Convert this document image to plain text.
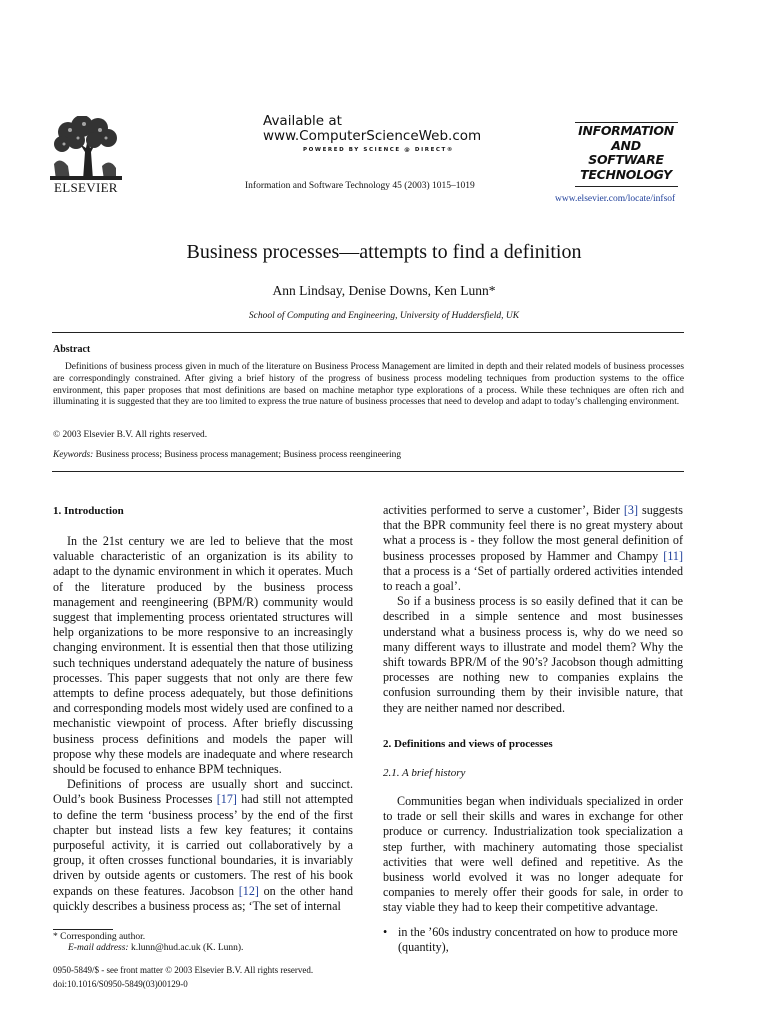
ELSEVIER
Available at
www.ComputerScienceWeb.com
POWERED BY SCIENCE @ DIRECT®
Information and Software Technology 45 (2003) 1015–1019
INFORMATION
AND
SOFTWARE
TECHNOLOGY
www.elsevier.com/locate/infsof
Business processes—attempts to find a definition
Ann Lindsay, Denise Downs, Ken Lunn*
School of Computing and Engineering, University of Huddersfield, UK
Abstract

Definitions of business process given in much of the literature on Business Process Management are limited in depth and their related models of business processes are correspondingly constrained. After giving a brief history of the progress of business process modeling techniques from production systems to the office environment, this paper proposes that most definitions are based on machine metaphor type explorations of a process. While these techniques are often rich and illuminating it is suggested that they are too limited to express the true nature of business processes that need to develop and adapt to today’s challenging environment.

© 2003 Elsevier B.V. All rights reserved.
Keywords: Business process; Business process management; Business process reengineering
1. Introduction

In the 21st century we are led to believe that the most valuable characteristic of an organization is its ability to adapt to the dynamic environment in which it operates. Much of the literature produced by the business process management and reengineering (BPM/R) community would suggest that implementing process orientated structures will help organizations to be more responsive to an increasingly changing environment. It is essential then that those utilizing such techniques understand adequately the nature of business processes. This paper suggests that not only are there few attempts to define process adequately, but those definitions and corresponding models most widely used are confined to a mechanistic viewpoint of process. After briefly discussing business process definitions and models the paper will propose why these models are inadequate and where research should be focused to enhance BPM techniques.

Definitions of process are usually short and succinct. Ould’s book Business Processes [17] had still not attempted to define the term ‘business process’ by the end of the first chapter but instead lists a few key features; it contains purposeful activity, it is carried out collaboratively by a group, it often crosses functional boundaries, it is invariably driven by outside agents or customers. The rest of his book expands on these features. Jacobson [12] on the other hand quickly describes a business process as; ‘The set of internal

activities performed to serve a customer’, Bider [3] suggests that the BPR community feel there is no great mystery about what a process is - they follow the most general definition of business processes proposed by Hammer and Champy [11] that a process is a ‘Set of partially ordered activities intended to reach a goal’.

So if a business process is so easily defined that it can be described in a simple sentence and most businesses understand what a business process is, why do we need so many different ways to illustrate and model them? Why the shift towards BPR/M of the 90’s? Jacobson though admitting processes are nothing new to companies explains the confusion surrounding them by their invisible nature, that they are neither named nor described.

2. Definitions and views of processes
2.1. A brief history

Communities began when individuals specialized in order to trade or sell their skills and wares in exchange for other produce or currency. Industrialization took specialization a step further, with machinery automating those specialist activities that were well defined and repetitive. As the business world evolved it was no longer adequate for companies to merely offer their goods for sale, in order to stay viable they had to keep their competitive advantage.

• in the ’60s industry concentrated on how to produce more (quantity),
* Corresponding author.
E-mail address: k.lunn@hud.ac.uk (K. Lunn).
0950-5849/$ - see front matter © 2003 Elsevier B.V. All rights reserved.
doi:10.1016/S0950-5849(03)00129-0
